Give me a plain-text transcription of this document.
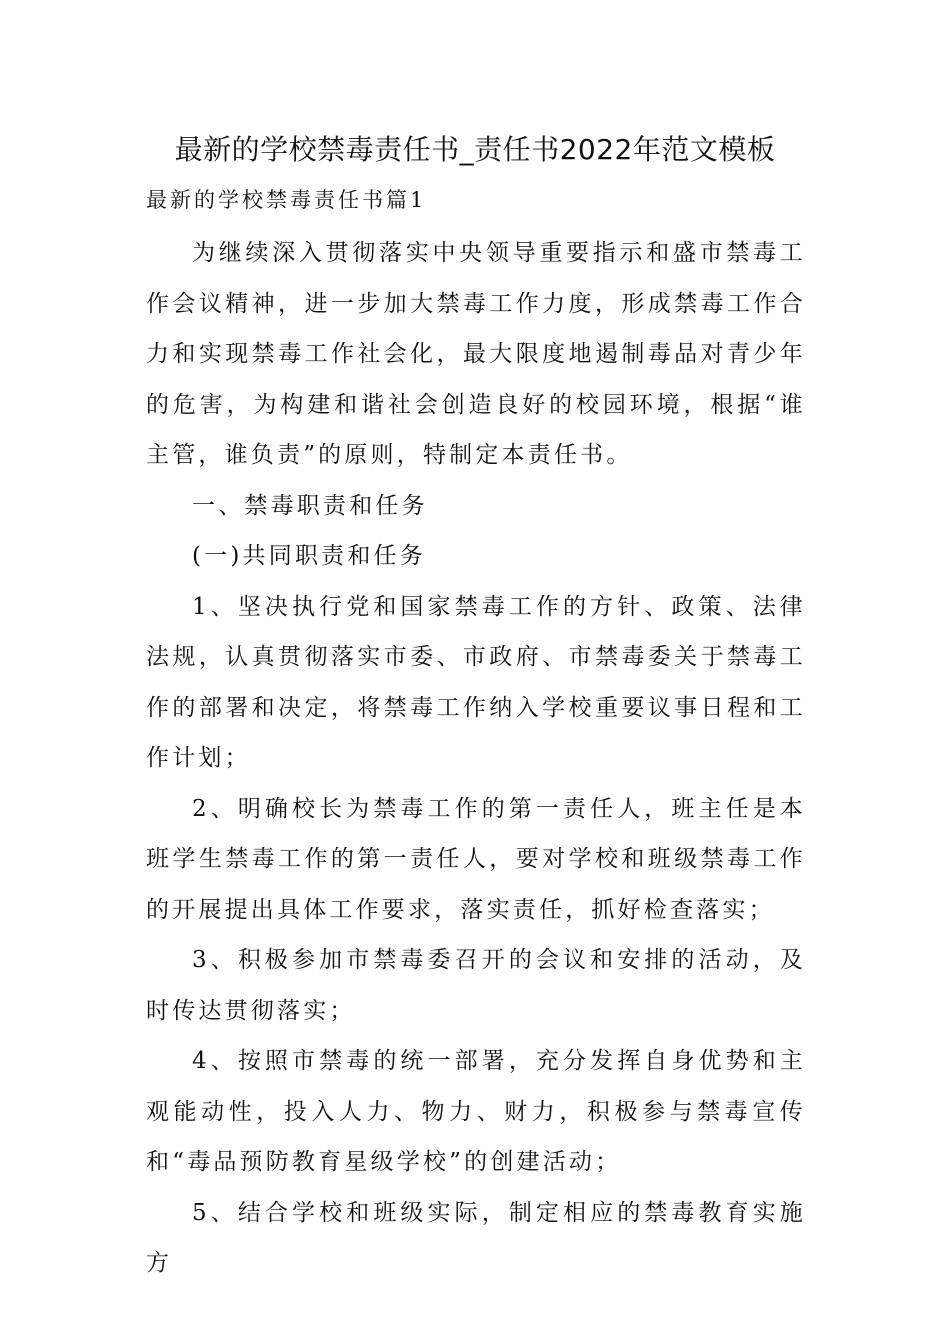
最新的学校禁毒责任书_责任书2022年范文模板
最新的学校禁毒责任书篇1

为继续深入贯彻落实中央领导重要指示和盛市禁毒工作会议精神，进一步加大禁毒工作力度，形成禁毒工作合力和实现禁毒工作社会化，最大限度地遏制毒品对青少年的危害，为构建和谐社会创造良好的校园环境，根据“谁主管，谁负责”的原则，特制定本责任书。

一、禁毒职责和任务

(一)共同职责和任务

1、坚决执行党和国家禁毒工作的方针、政策、法律法规，认真贯彻落实市委、市政府、市禁毒委关于禁毒工作的部署和决定，将禁毒工作纳入学校重要议事日程和工作计划；

2、明确校长为禁毒工作的第一责任人，班主任是本班学生禁毒工作的第一责任人，要对学校和班级禁毒工作的开展提出具体工作要求，落实责任，抓好检查落实；

3、积极参加市禁毒委召开的会议和安排的活动，及时传达贯彻落实；

4、按照市禁毒的统一部署，充分发挥自身优势和主观能动性，投入人力、物力、财力，积极参与禁毒宣传和“毒品预防教育星级学校”的创建活动；

5、结合学校和班级实际，制定相应的禁毒教育实施方
